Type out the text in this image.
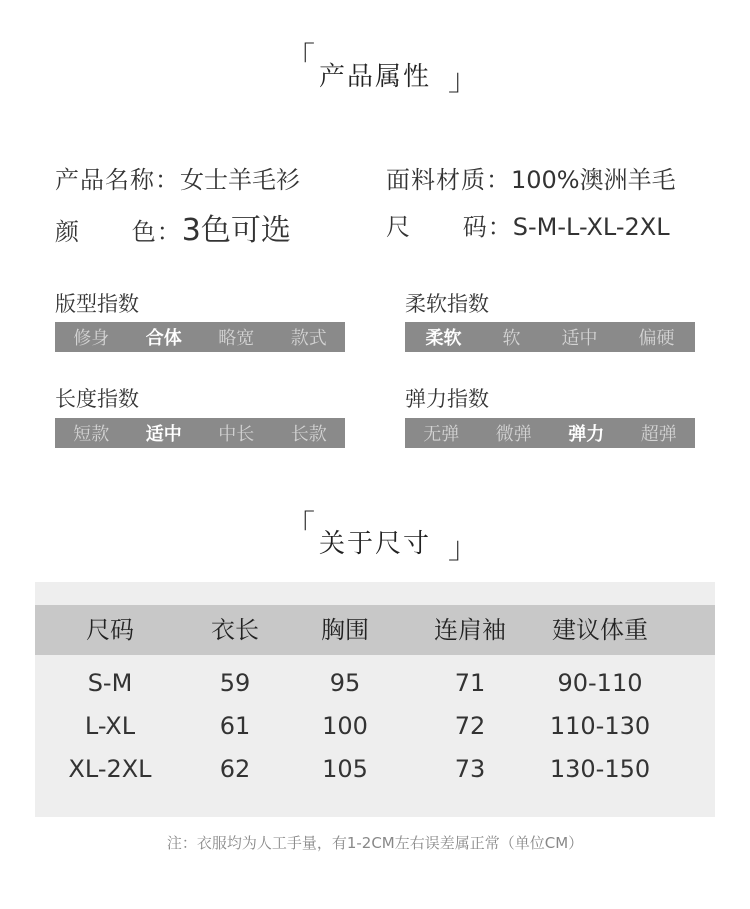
「
产品属性 」
产品名称：女士羊毛衫	面料材质：100%澳洲羊毛
颜      色：3色可选	尺      码：S-M-L-XL-2XL
版型指数
修身 合体 略宽 款式
柔软指数
柔软 软 适中 偏硬
长度指数
短款 适中 中长 长款
弹力指数
无弹 微弹 弹力 超弹
「 关于尺寸 」
尺码	衣长	胸围	连肩袖	建议体重
S-M	59	95	71	90-110
L-XL	61	100	72	110-130
XL-2XL	62	105	73	130-150
注：衣服均为人工手量，有1-2CM左右误差属正常（单位CM）
